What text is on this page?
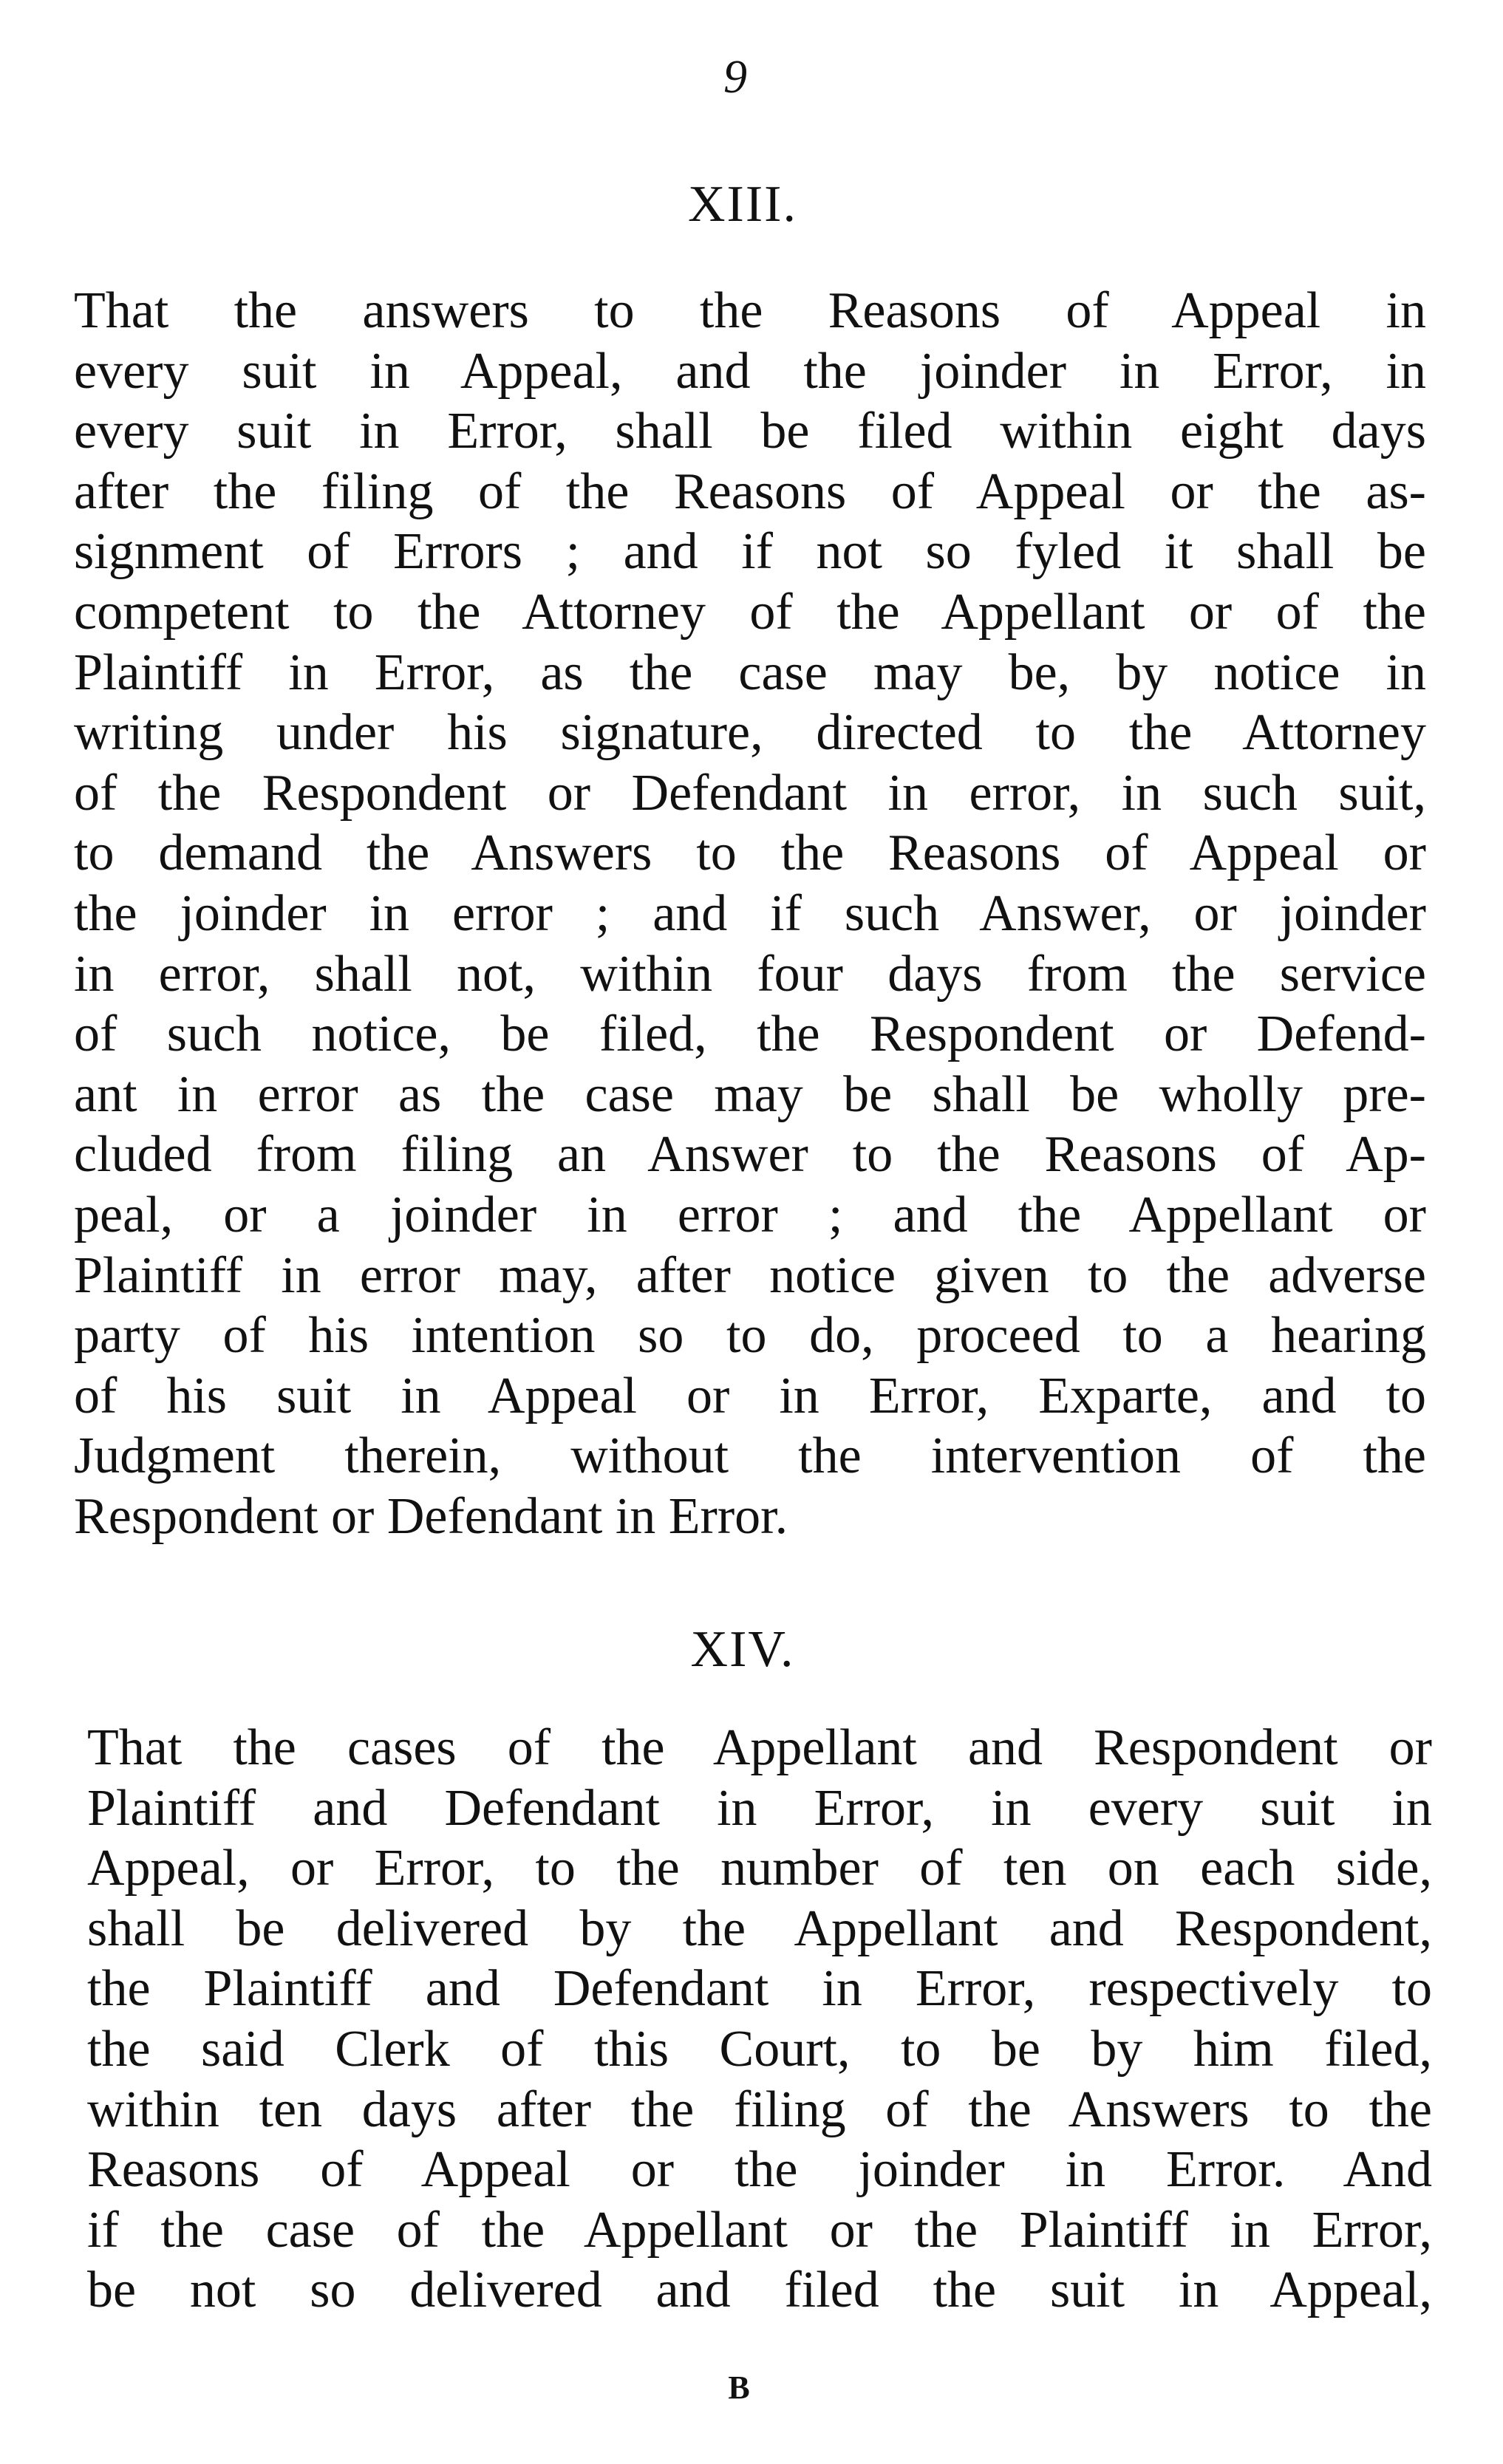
9
XIII.
That the answers to the Reasons of Appeal in
every suit in Appeal, and the joinder in Error, in
every suit in Error, shall be filed within eight days
after the filing of the Reasons of Appeal or the as-
signment of Errors ; and if not so fyled it shall be
competent to the Attorney of the Appellant or of the
Plaintiff in Error, as the case may be, by notice in
writing under his signature, directed to the Attorney
of the Respondent or Defendant in error, in such suit,
to demand the Answers to the Reasons of Appeal or
the joinder in error ; and if such Answer, or joinder
in error, shall not, within four days from the service
of such notice, be filed, the Respondent or Defend-
ant in error as the case may be shall be wholly pre-
cluded from filing an Answer to the Reasons of Ap-
peal, or a joinder in error ; and the Appellant or
Plaintiff in error may, after notice given to the adverse
party of his intention so to do, proceed to a hearing
of his suit in Appeal or in Error, Exparte, and to
Judgment therein, without the intervention of the
Respondent or Defendant in Error.
XIV.
That the cases of the Appellant and Respondent or
Plaintiff and Defendant in Error, in every suit in
Appeal, or Error, to the number of ten on each side,
shall be delivered by the Appellant and Respondent,
the Plaintiff and Defendant in Error, respectively to
the said Clerk of this Court, to be by him filed,
within ten days after the filing of the Answers to the
Reasons of Appeal or the joinder in Error. And
if the case of the Appellant or the Plaintiff in Error,
be not so delivered and filed the suit in Appeal,
B
